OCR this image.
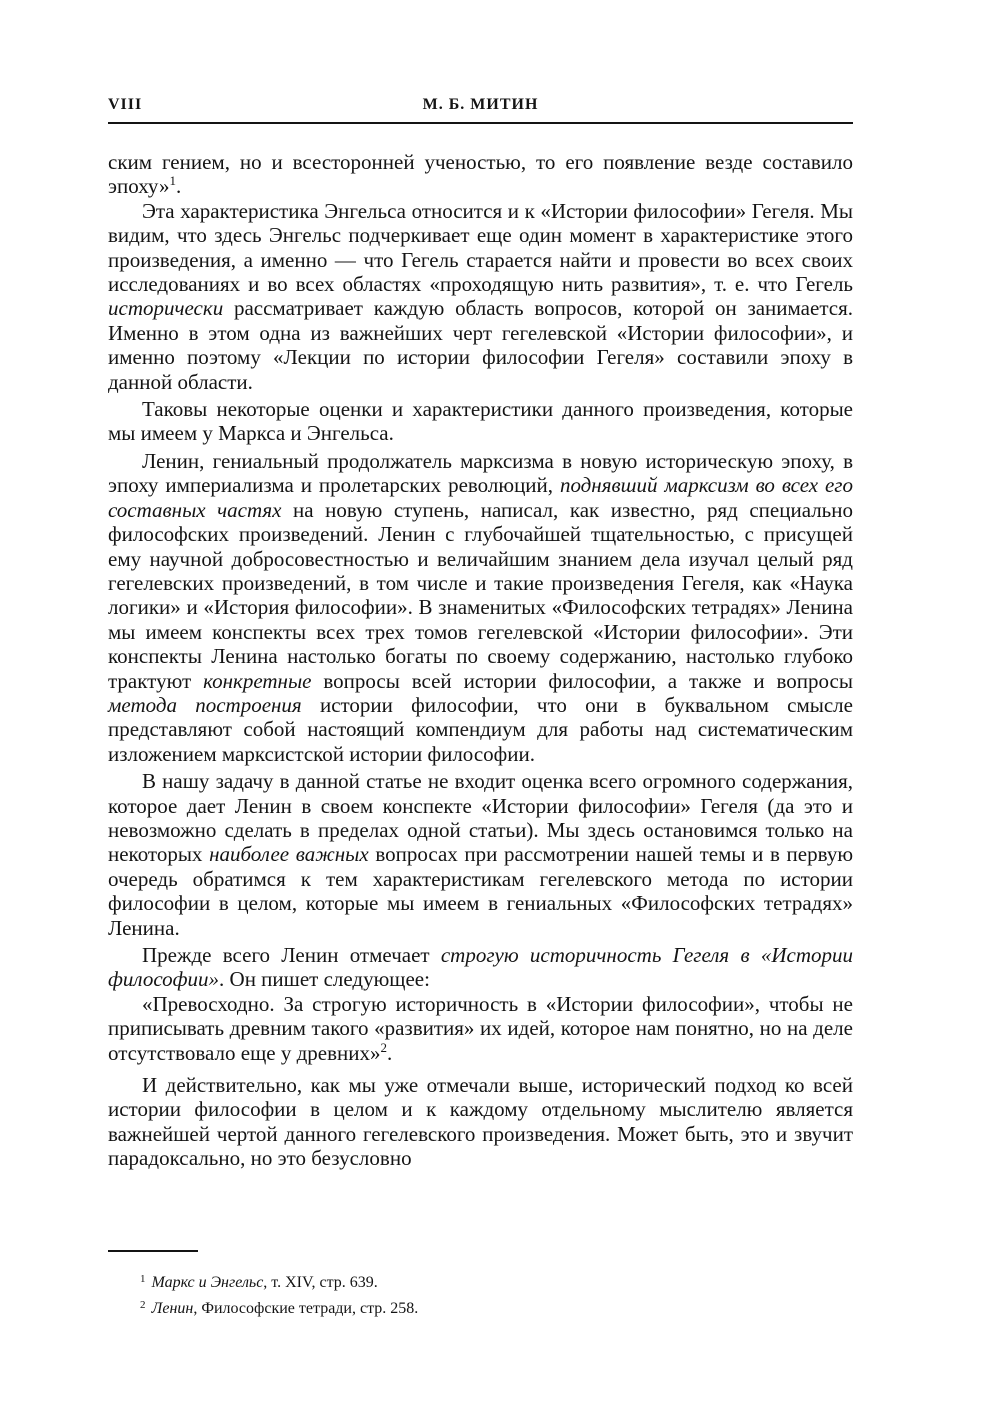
VIII	М. Б. МИТИН

ским гением, но и всесторонней ученостью, то его появление везде составило эпоху»$^1$.

Эта характеристика Энгельса относится и к «Истории философии» Гегеля. Мы видим, что здесь Энгельс подчеркивает еще один момент в характеристике этого произведения, а именно — что Гегель старается найти и провести во всех своих исследованиях и во всех областях «проходящую нить развития», т. е. что Гегель исторически рассматривает каждую область вопросов, которой он занимается. Именно в этом одна из важнейших черт гегелевской «Истории философии», и именно поэтому «Лекции по истории философии Гегеля» составили эпоху в данной области.

Таковы некоторые оценки и характеристики данного произведения, которые мы имеем у Маркса и Энгельса.

Ленин, гениальный продолжатель марксизма в новую историческую эпоху, в эпоху империализма и пролетарских революций, поднявший марксизм во всех его составных частях на новую ступень, написал, как известно, ряд специально философских произведений. Ленин с глубочайшей тщательностью, с присущей ему научной добросовестностью и величайшим знанием дела изучал целый ряд гегелевских произведений, в том числе и такие произведения Гегеля, как «Наука логики» и «История философии». В знаменитых «Философских тетрадях» Ленина мы имеем конспекты всех трех томов гегелевской «Истории философии». Эти конспекты Ленина настолько богаты по своему содержанию, настолько глубоко трактуют конкретные вопросы всей истории философии, а также и вопросы метода построения истории философии, что они в буквальном смысле представляют собой настоящий компендиум для работы над систематическим изложением марксистской истории философии.

В нашу задачу в данной статье не входит оценка всего огромного содержания, которое дает Ленин в своем конспекте «Истории философии» Гегеля (да это и невозможно сделать в пределах одной статьи). Мы здесь остановимся только на некоторых наиболее важных вопросах при рассмотрении нашей темы и в первую очередь обратимся к тем характеристикам гегелевского метода по истории философии в целом, которые мы имеем в гениальных «Философских тетрадях» Ленина.

Прежде всего Ленин отмечает строгую историчность Гегеля в «Истории философии». Он пишет следующее:

«Превосходно. За строгую историчность в «Истории философии», чтобы не приписывать древним такого «развития» их идей, которое нам понятно, но на деле отсутствовало еще у древних»$^2$.

И действительно, как мы уже отмечали выше, исторический подход ко всей истории философии в целом и к каждому отдельному мыслителю является важнейшей чертой данного гегелевского произведения. Может быть, это и звучит парадоксально, но это безусловно

$^1$ Маркс и Энгельс, т. XIV, стр. 639.
$^2$ Ленин, Философские тетради, стр. 258.
